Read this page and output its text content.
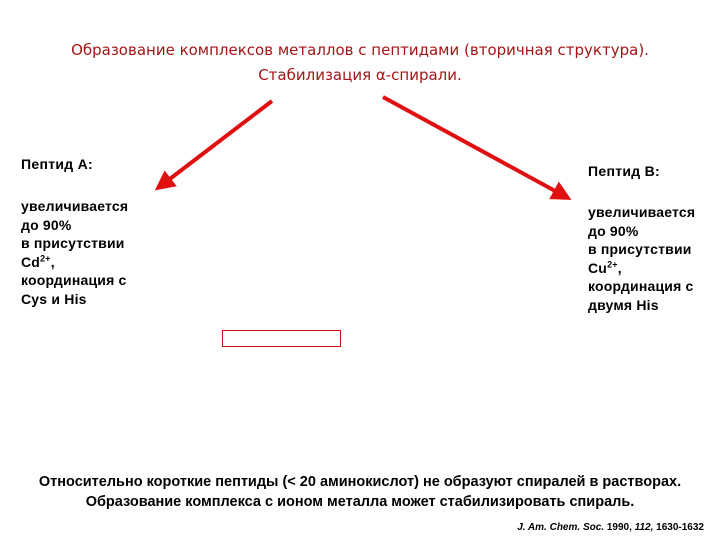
Образование комплексов металлов с пептидами (вторичная структура).
Стабилизация α-спирали.
Пептид А:
увеличивается
до 90%
в присутствии
$Cd^{2+}$,
координация с
Cys и His
Пептид В:
увеличивается
до 90%
в присутствии
$Cu^{2+}$,
координация с
двумя His
Относительно короткие пептиды (< 20 аминокислот) не образуют спиралей в растворах.
Образование комплекса с ионом металла может стабилизировать спираль.
J. Am. Chem. Soc. 1990, 112, 1630-1632
